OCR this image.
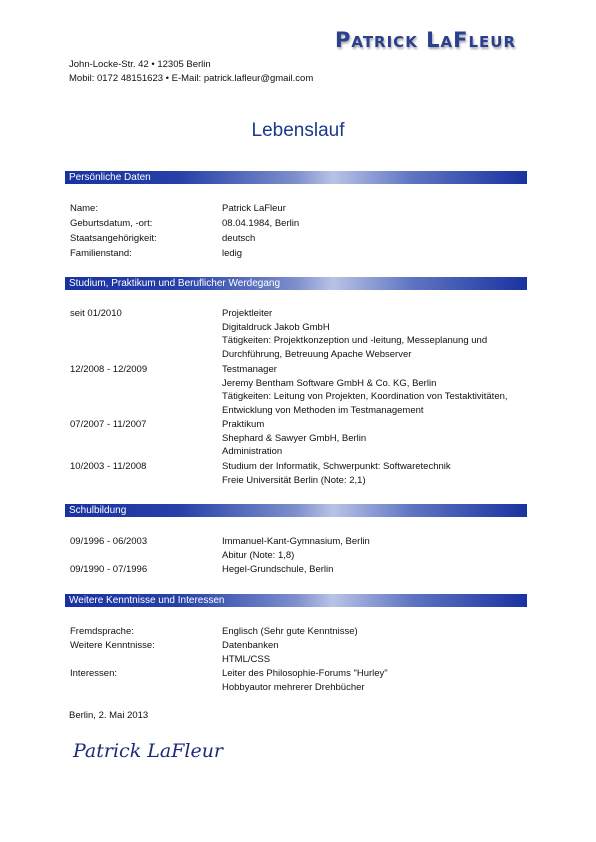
Patrick LaFleur
John-Locke-Str. 42 • 12305 Berlin
Mobil: 0172 48151623 • E-Mail: patrick.lafleur@gmail.com
Lebenslauf
Persönliche Daten
Name:	Patrick LaFleur
Geburtsdatum, -ort:	08.04.1984, Berlin
Staatsangehörigkeit:	deutsch
Familienstand:	ledig
Studium, Praktikum und Beruflicher Werdegang
seit 01/2010	Projektleiter
Digitaldruck Jakob GmbH
Tätigkeiten: Projektkonzeption und -leitung, Messeplanung und
Durchführung, Betreuung Apache Webserver
12/2008 - 12/2009	Testmanager
Jeremy Bentham Software GmbH & Co. KG, Berlin
Tätigkeiten: Leitung von Projekten, Koordination von Testaktivitäten,
Entwicklung von Methoden im Testmanagement
07/2007 - 11/2007	Praktikum
Shephard & Sawyer GmbH, Berlin
Administration
10/2003 - 11/2008	Studium der Informatik, Schwerpunkt: Softwaretechnik
Freie Universität Berlin (Note: 2,1)
Schulbildung
09/1996 - 06/2003	Immanuel-Kant-Gymnasium, Berlin
Abitur (Note: 1,8)
09/1990 - 07/1996	Hegel-Grundschule, Berlin
Weitere Kenntnisse und Interessen
Fremdsprache:	Englisch (Sehr gute Kenntnisse)
Weitere Kenntnisse:	Datenbanken
HTML/CSS
Interessen:	Leiter des Philosophie-Forums "Hurley"
Hobbyautor mehrerer Drehbücher
Berlin, 2. Mai 2013
Patrick LaFleur
